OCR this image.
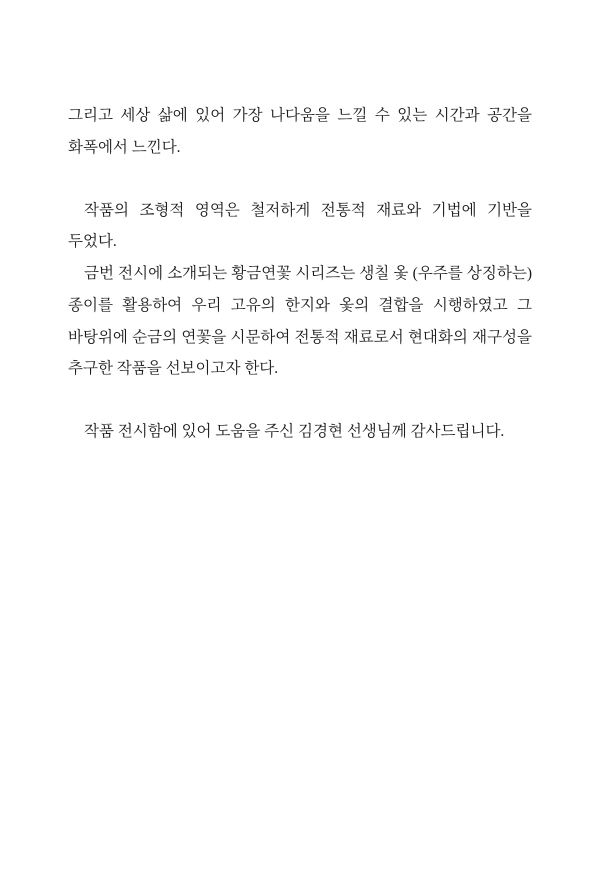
그리고 세상 삶에 있어 가장 나다움을 느낄 수 있는 시간과 공간을 화폭에서 느낀다.

작품의 조형적 영역은 철저하게 전통적 재료와 기법에 기반을 두었다.

금번 전시에 소개되는 황금연꽃 시리즈는 생칠 옻 (우주를 상징하는) 종이를 활용하여 우리 고유의 한지와 옻의 결합을 시행하였고 그 바탕위에 순금의 연꽃을 시문하여 전통적 재료로서 현대화의 재구성을 추구한 작품을 선보이고자 한다.

작품 전시함에 있어 도움을 주신 김경현 선생님께 감사드립니다.
